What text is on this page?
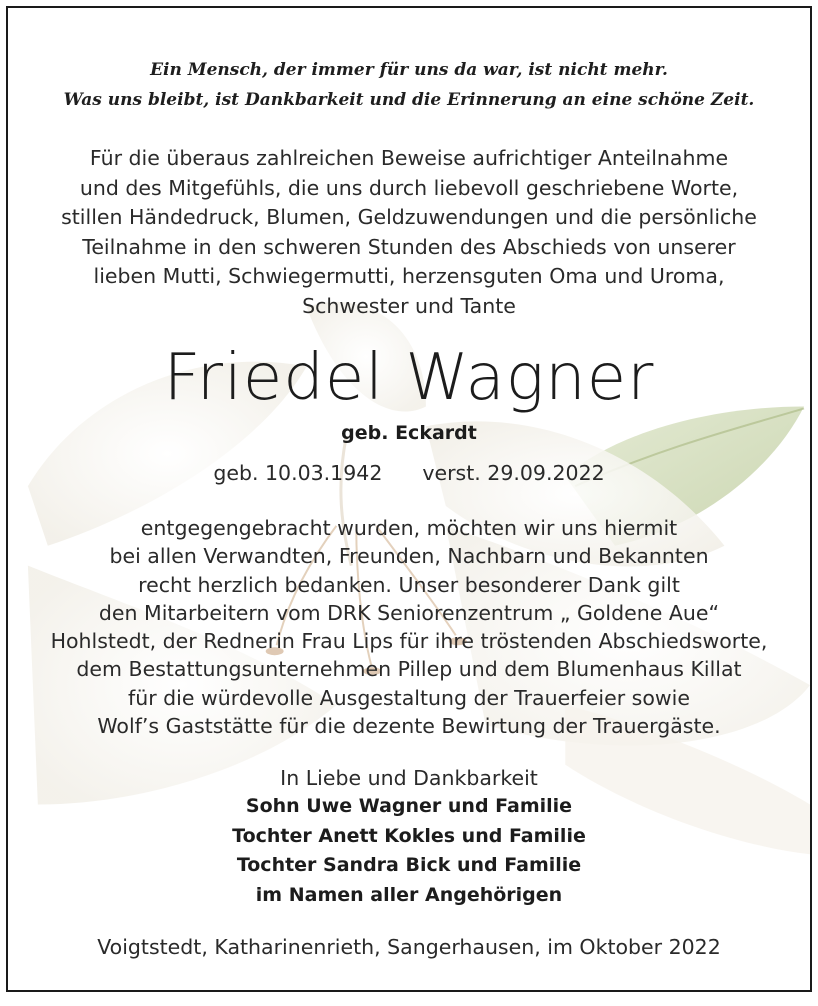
Ein Mensch, der immer für uns da war, ist nicht mehr.
Was uns bleibt, ist Dankbarkeit und die Erinnerung an eine schöne Zeit.
Für die überaus zahlreichen Beweise aufrichtiger Anteilnahme
und des Mitgefühls, die uns durch liebevoll geschriebene Worte,
stillen Händedruck, Blumen, Geldzuwendungen und die persönliche
Teilnahme in den schweren Stunden des Abschieds von unserer
lieben Mutti, Schwiegermutti, herzensguten Oma und Uroma,
Schwester und Tante
Friedel Wagner
geb. Eckardt
geb. 10.03.1942 verst. 29.09.2022
entgegengebracht wurden, möchten wir uns hiermit
bei allen Verwandten, Freunden, Nachbarn und Bekannten
recht herzlich bedanken. Unser besonderer Dank gilt
den Mitarbeitern vom DRK Seniorenzentrum „ Goldene Aue“
Hohlstedt, der Rednerin Frau Lips für ihre tröstenden Abschiedsworte,
dem Bestattungsunternehmen Pillep und dem Blumenhaus Killat
für die würdevolle Ausgestaltung der Trauerfeier sowie
Wolf’s Gaststätte für die dezente Bewirtung der Trauergäste.
In Liebe und Dankbarkeit
Sohn Uwe Wagner und Familie
Tochter Anett Kokles und Familie
Tochter Sandra Bick und Familie
im Namen aller Angehörigen
Voigtstedt, Katharinenrieth, Sangerhausen, im Oktober 2022
